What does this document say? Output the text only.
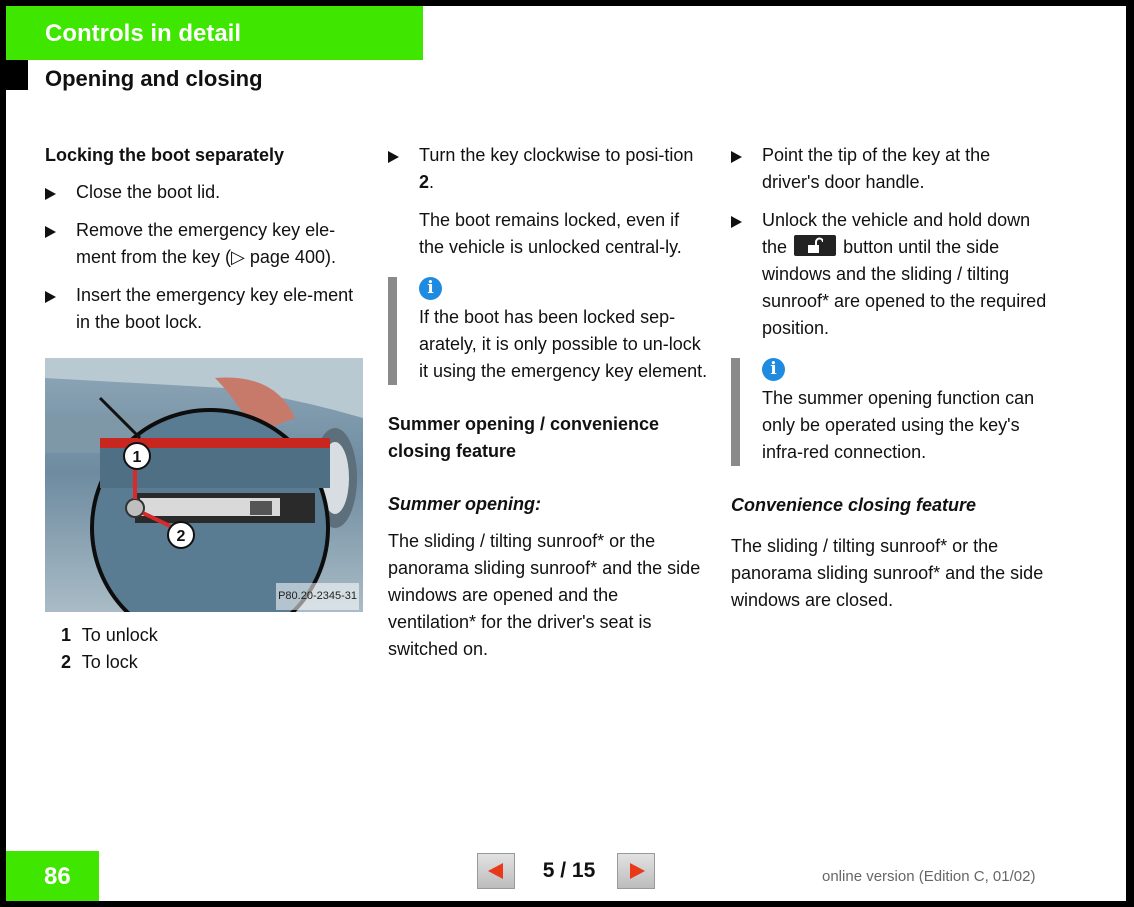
Controls in detail
Opening and closing
Locking the boot separately
Close the boot lid.
Remove the emergency key ele-ment from the key (▷ page 400).
Insert the emergency key ele-ment in the boot lock.
1
2
P80.20-2345-31
1 To unlock
2 To lock
Turn the key clockwise to posi-tion 2.
The boot remains locked, even if the vehicle is unlocked central-ly.
i
If the boot has been locked sep-arately, it is only possible to un-lock it using the emergency key element.
Summer opening / convenience closing feature
Summer opening:
The sliding / tilting sunroof* or the panorama sliding sunroof* and the side windows are opened and the ventilation* for the driver's seat is switched on.
Point the tip of the key at the driver's door handle.
Unlock the vehicle and hold down the	button until the side windows and the sliding / tilting sunroof* are opened to the required position.
i
The summer opening function can only be operated using the key's infra-red connection.
Convenience closing feature
The sliding / tilting sunroof* or the panorama sliding sunroof* and the side windows are closed.
86	5 / 15	online version (Edition C, 01/02)
